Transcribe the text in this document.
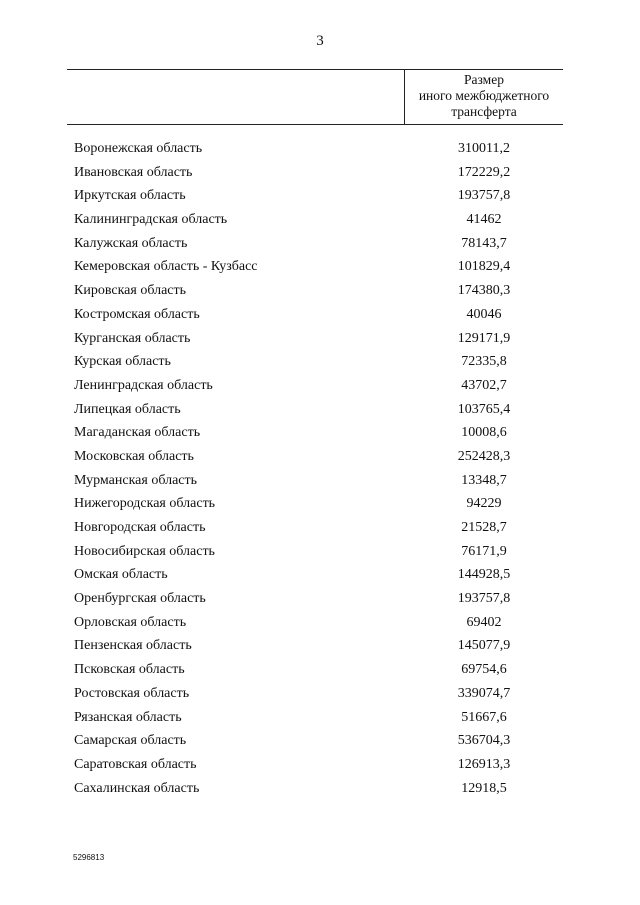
3
Размер
иного межбюджетного
трансферта
Воронежская область	310011,2
Ивановская область	172229,2
Иркутская область	193757,8
Калининградская область	41462
Калужская область	78143,7
Кемеровская область - Кузбасс	101829,4
Кировская область	174380,3
Костромская область	40046
Курганская область	129171,9
Курская область	72335,8
Ленинградская область	43702,7
Липецкая область	103765,4
Магаданская область	10008,6
Московская область	252428,3
Мурманская область	13348,7
Нижегородская область	94229
Новгородская область	21528,7
Новосибирская область	76171,9
Омская область	144928,5
Оренбургская область	193757,8
Орловская область	69402
Пензенская область	145077,9
Псковская область	69754,6
Ростовская область	339074,7
Рязанская область	51667,6
Самарская область	536704,3
Саратовская область	126913,3
Сахалинская область	12918,5
5296813
